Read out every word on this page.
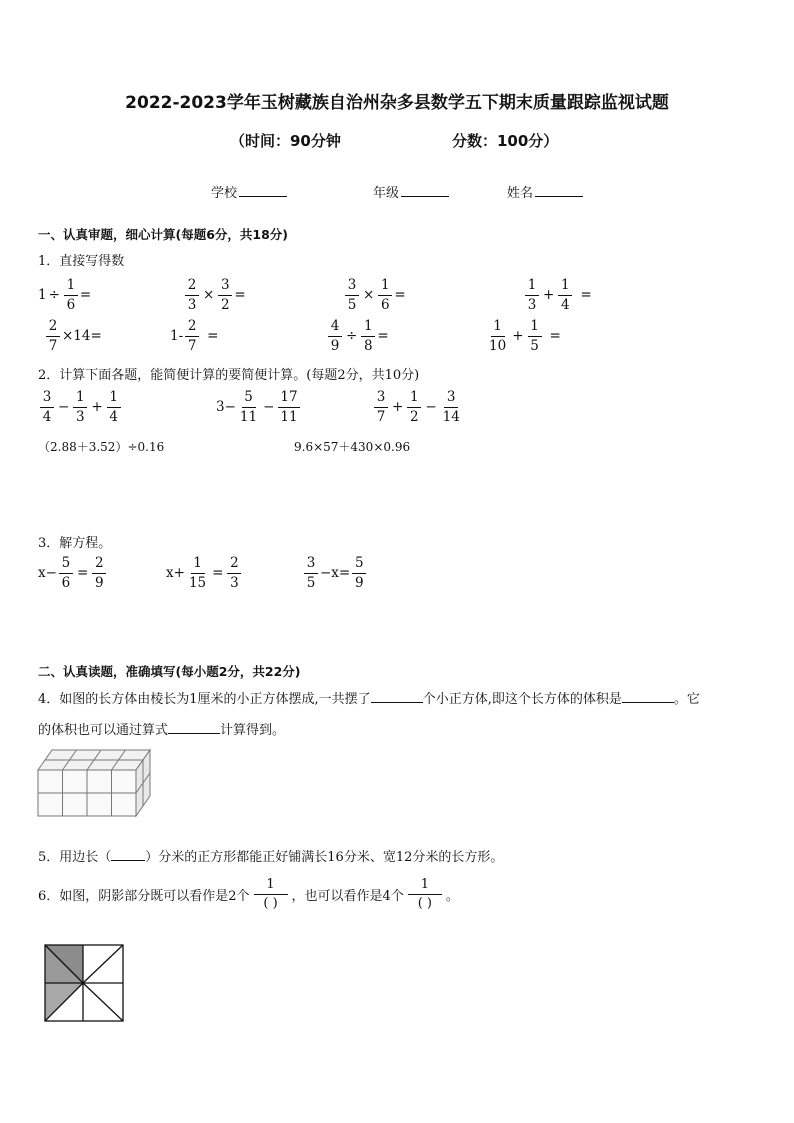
2022-2023学年玉树藏族自治州杂多县数学五下期末质量跟踪监视试题
（时间：90分钟	分数：100分）
学校	年级	姓名
一、认真审题，细心计算(每题6分，共18分)
1．直接写得数
$1 \div \frac{1}{6}$ =	$\frac{2}{3} \times \frac{3}{2}$ =	$\frac{3}{5} \times \frac{1}{6}$ =	$\frac{1}{3} + \frac{1}{4}$ =
$\frac{2}{7} \times 14=$	$1 - \frac{2}{7}$ =	$\frac{4}{9} \div \frac{1}{8}$ =	$\frac{1}{10} + \frac{1}{5}$ =
2．计算下面各题，能简便计算的要简便计算。(每题2分，共10分)
$\frac{3}{4} - \frac{1}{3} + \frac{1}{4}$	$3- \frac{5}{11} - \frac{17}{11}$	$\frac{3}{7} + \frac{1}{2} - \frac{3}{14}$
（2.88＋3.52）÷0.16	9.6×57＋430×0.96
3．解方程。
$x- \frac{5}{6} = \frac{2}{9}$	$x+ \frac{1}{15} = \frac{2}{3}$	$\frac{3}{5} -x= \frac{5}{9}$
二、认真读题，准确填写(每小题2分，共22分)
4．如图的长方体由棱长为1厘米的小正方体摆成,一共摆了	个小正方体,即这个长方体的体积是	。它
的体积也可以通过算式	计算得到。
5．用边长（	）分米的正方形都能正好铺满长16分米、宽12分米的长方形。
6．如图，阴影部分既可以看作是2个 $\frac{1}{( )}$ ，也可以看作是4个 $\frac{1}{( )}$ 。
